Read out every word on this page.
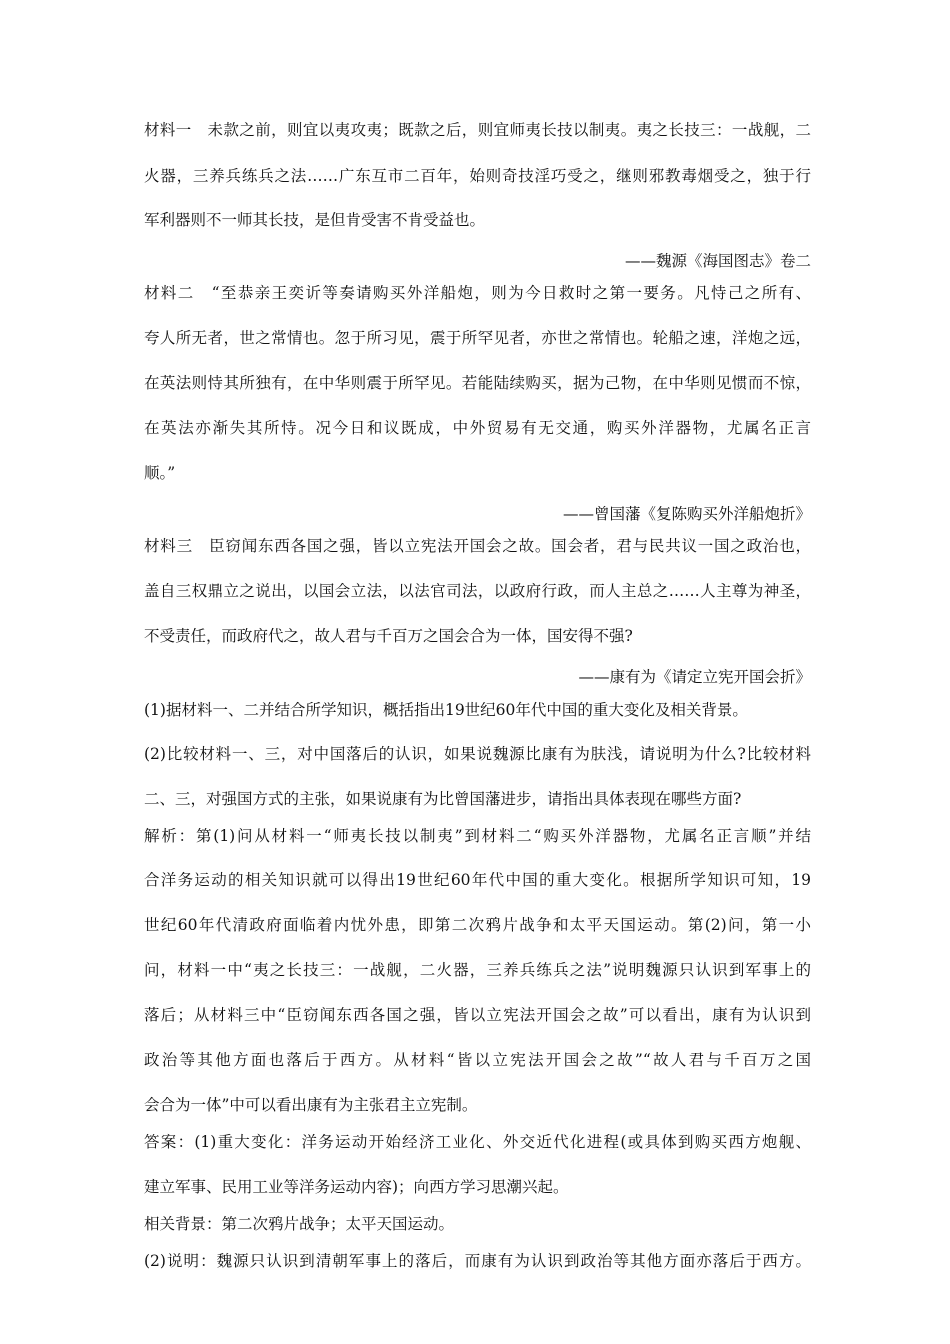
材料一　未款之前，则宜以夷攻夷；既款之后，则宜师夷长技以制夷。夷之长技三：一战舰，二
火器，三养兵练兵之法……广东互市二百年，始则奇技淫巧受之，继则邪教毒烟受之，独于行
军利器则不一师其长技，是但肯受害不肯受益也。
——魏源《海国图志》卷二
材料二　“至恭亲王奕䜣等奏请购买外洋船炮，则为今日救时之第一要务。凡恃己之所有、
夸人所无者，世之常情也。忽于所习见，震于所罕见者，亦世之常情也。轮船之速，洋炮之远，
在英法则恃其所独有，在中华则震于所罕见。若能陆续购买，据为己物，在中华则见惯而不惊，
在英法亦渐失其所恃。况今日和议既成，中外贸易有无交通，购买外洋器物，尤属名正言
顺。”
——曾国藩《复陈购买外洋船炮折》
材料三　臣窃闻东西各国之强，皆以立宪法开国会之故。国会者，君与民共议一国之政治也，
盖自三权鼎立之说出，以国会立法，以法官司法，以政府行政，而人主总之……人主尊为神圣，
不受责任，而政府代之，故人君与千百万之国会合为一体，国安得不强?
——康有为《请定立宪开国会折》
(1)据材料一、二并结合所学知识，概括指出19世纪60年代中国的重大变化及相关背景。
(2)比较材料一、三，对中国落后的认识，如果说魏源比康有为肤浅，请说明为什么?比较材料
二、三，对强国方式的主张，如果说康有为比曾国藩进步，请指出具体表现在哪些方面?
解析：第(1)问从材料一“师夷长技以制夷”到材料二“购买外洋器物，尤属名正言顺”并结
合洋务运动的相关知识就可以得出19世纪60年代中国的重大变化。根据所学知识可知，19
世纪60年代清政府面临着内忧外患，即第二次鸦片战争和太平天国运动。第(2)问，第一小
问，材料一中“夷之长技三：一战舰，二火器，三养兵练兵之法”说明魏源只认识到军事上的
落后；从材料三中“臣窃闻东西各国之强，皆以立宪法开国会之故”可以看出，康有为认识到
政治等其他方面也落后于西方。从材料“皆以立宪法开国会之故”“故人君与千百万之国
会合为一体”中可以看出康有为主张君主立宪制。
答案：(1)重大变化：洋务运动开始经济工业化、外交近代化进程(或具体到购买西方炮舰、
建立军事、民用工业等洋务运动内容)；向西方学习思潮兴起。
相关背景：第二次鸦片战争；太平天国运动。
(2)说明：魏源只认识到清朝军事上的落后，而康有为认识到政治等其他方面亦落后于西方。
